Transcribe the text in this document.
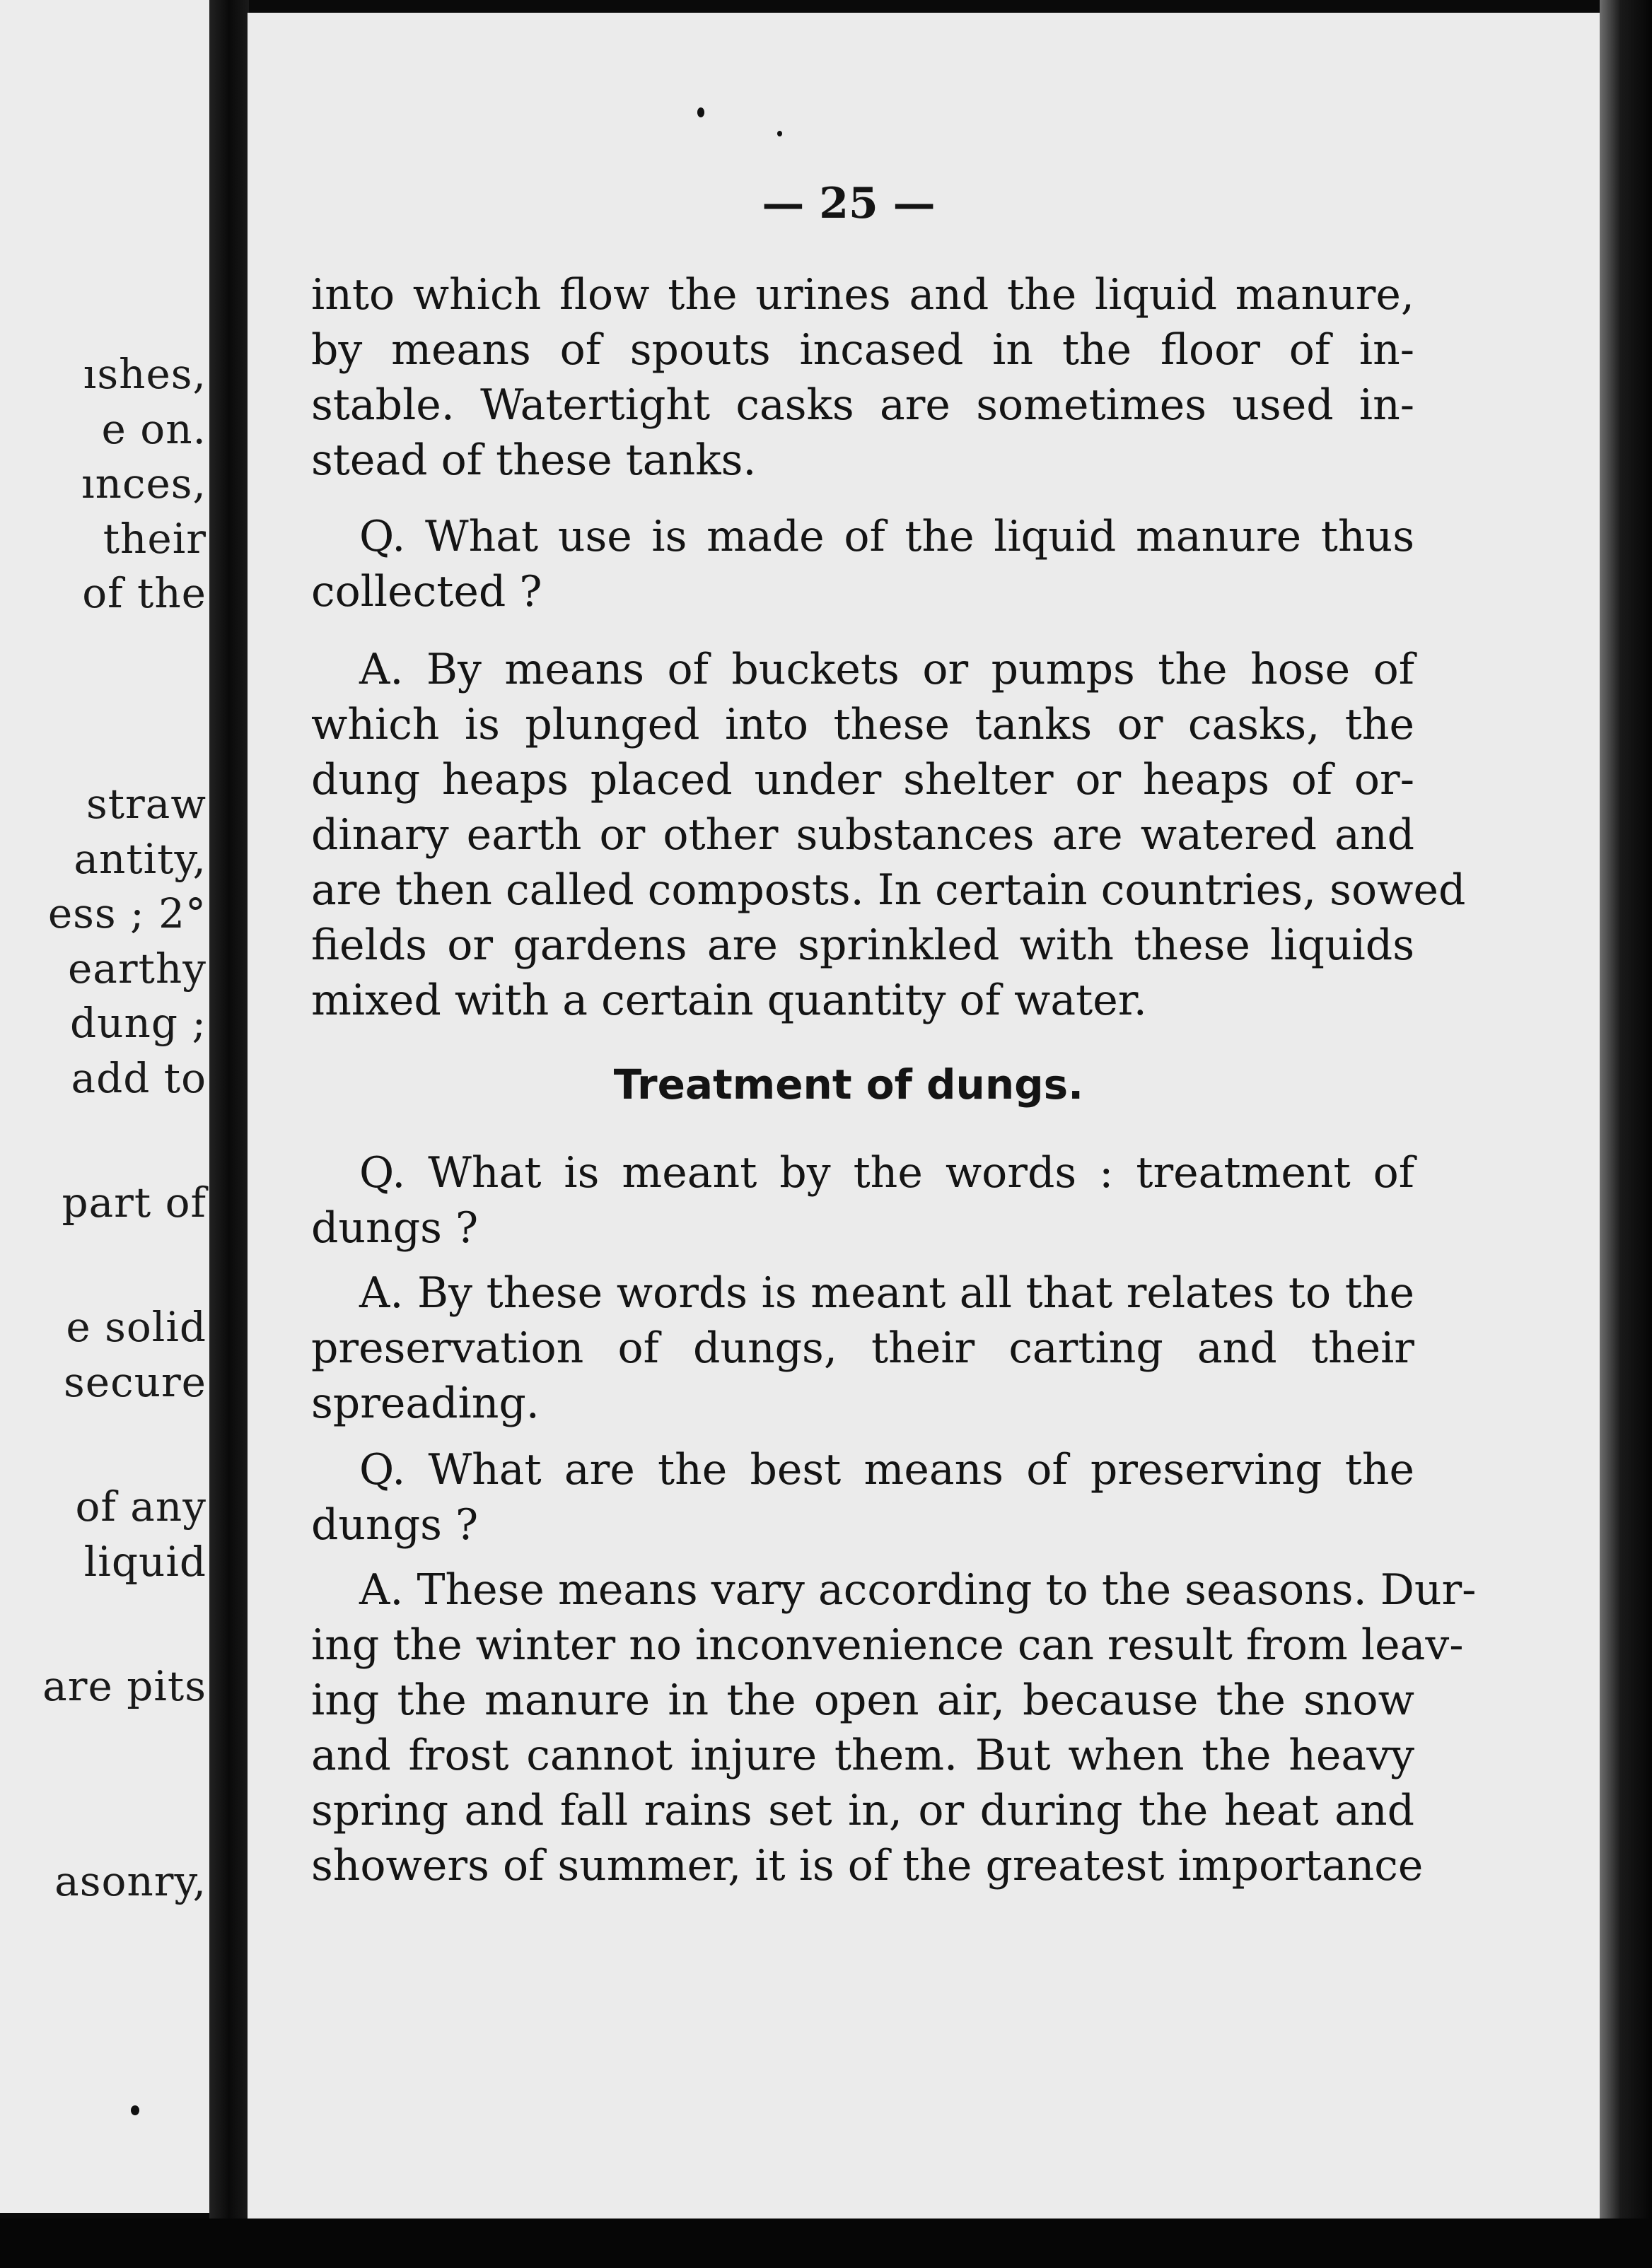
ıshes,
e on.
ınces,
their
of the
straw
antity,
ess ; 2°
earthy
dung ;
add to
part of
e solid
secure
of any
liquid
are pits
asonry,
— 25 —
into which flow the urines and the liquid manure,
by means of spouts incased in the floor of in-
stable. Watertight casks are sometimes used in-
stead of these tanks.
Q. What use is made of the liquid manure thus
collected ?
A. By means of buckets or pumps the hose of
which is plunged into these tanks or casks, the
dung heaps placed under shelter or heaps of or-
dinary earth or other substances are watered and
are then called composts. In certain countries, sowed
fields or gardens are sprinkled with these liquids
mixed with a certain quantity of water.
Treatment of dungs.
Q. What is meant by the words : treatment of
dungs ?
A. By these words is meant all that relates to the
preservation of dungs, their carting and their
spreading.
Q. What are the best means of preserving the
dungs ?
A. These means vary according to the seasons. Dur-
ing the winter no inconvenience can result from leav-
ing the manure in the open air, because the snow
and frost cannot injure them. But when the heavy
spring and fall rains set in, or during the heat and
showers of summer, it is of the greatest importance
